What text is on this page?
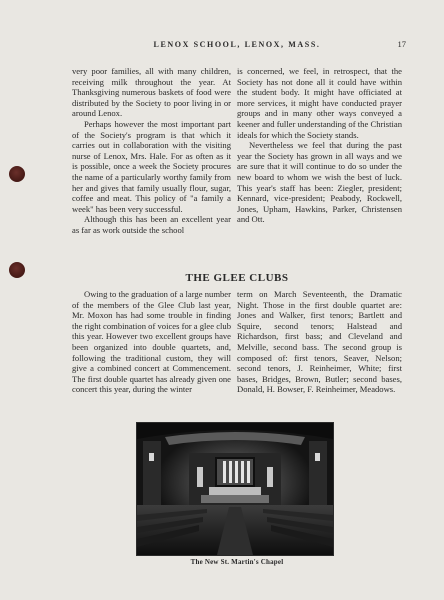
LENOX SCHOOL, LENOX, MASS.	17

very poor families, all with many children, receiving milk throughout the year. At Thanksgiving numerous baskets of food were distributed by the Society to poor living in or around Lenox.

Perhaps however the most important part of the Society's program is that which it carries out in collaboration with the visiting nurse of Lenox, Mrs. Hale. For as often as it is possible, once a week the Society procures the name of a particularly worthy family from her and gives that family usually flour, sugar, coffee and meat. This policy of "a family a week" has been very successful.

Although this has been an excellent year as far as work outside the school

is concerned, we feel, in retrospect, that the Society has not done all it could have within the student body. It might have officiated at more services, it might have conducted prayer groups and in many other ways conveyed a keener and fuller understanding of the Christian ideals for which the Society stands.

Nevertheless we feel that during the past year the Society has grown in all ways and we are sure that it will continue to do so under the new board to whom we wish the best of luck. This year's staff has been: Ziegler, president; Kennard, vice-president; Peabody, Rockwell, Jones, Upham, Hawkins, Parker, Christensen and Ott.

THE GLEE CLUBS

Owing to the graduation of a large number of the members of the Glee Club last year, Mr. Moxon has had some trouble in finding the right combination of voices for a glee club this year. However two excellent groups have been organized into double quartets, and, following the traditional custom, they will give a combined concert at Commencement. The first double quartet has already given one concert this year, during the winter

term on March Seventeenth, the Dramatic Night. Those in the first double quartet are: Jones and Walker, first tenors; Bartlett and Squire, second tenors; Halstead and Richardson, first bass; and Cleveland and Melville, second bass. The second group is composed of: first tenors, Seaver, Nelson; second tenors, J. Reinheimer, White; first bases, Bridges, Brown, Butler; second bases, Donald, H. Bowser, F. Reinheimer, Meadows.

The New St. Martin's Chapel
